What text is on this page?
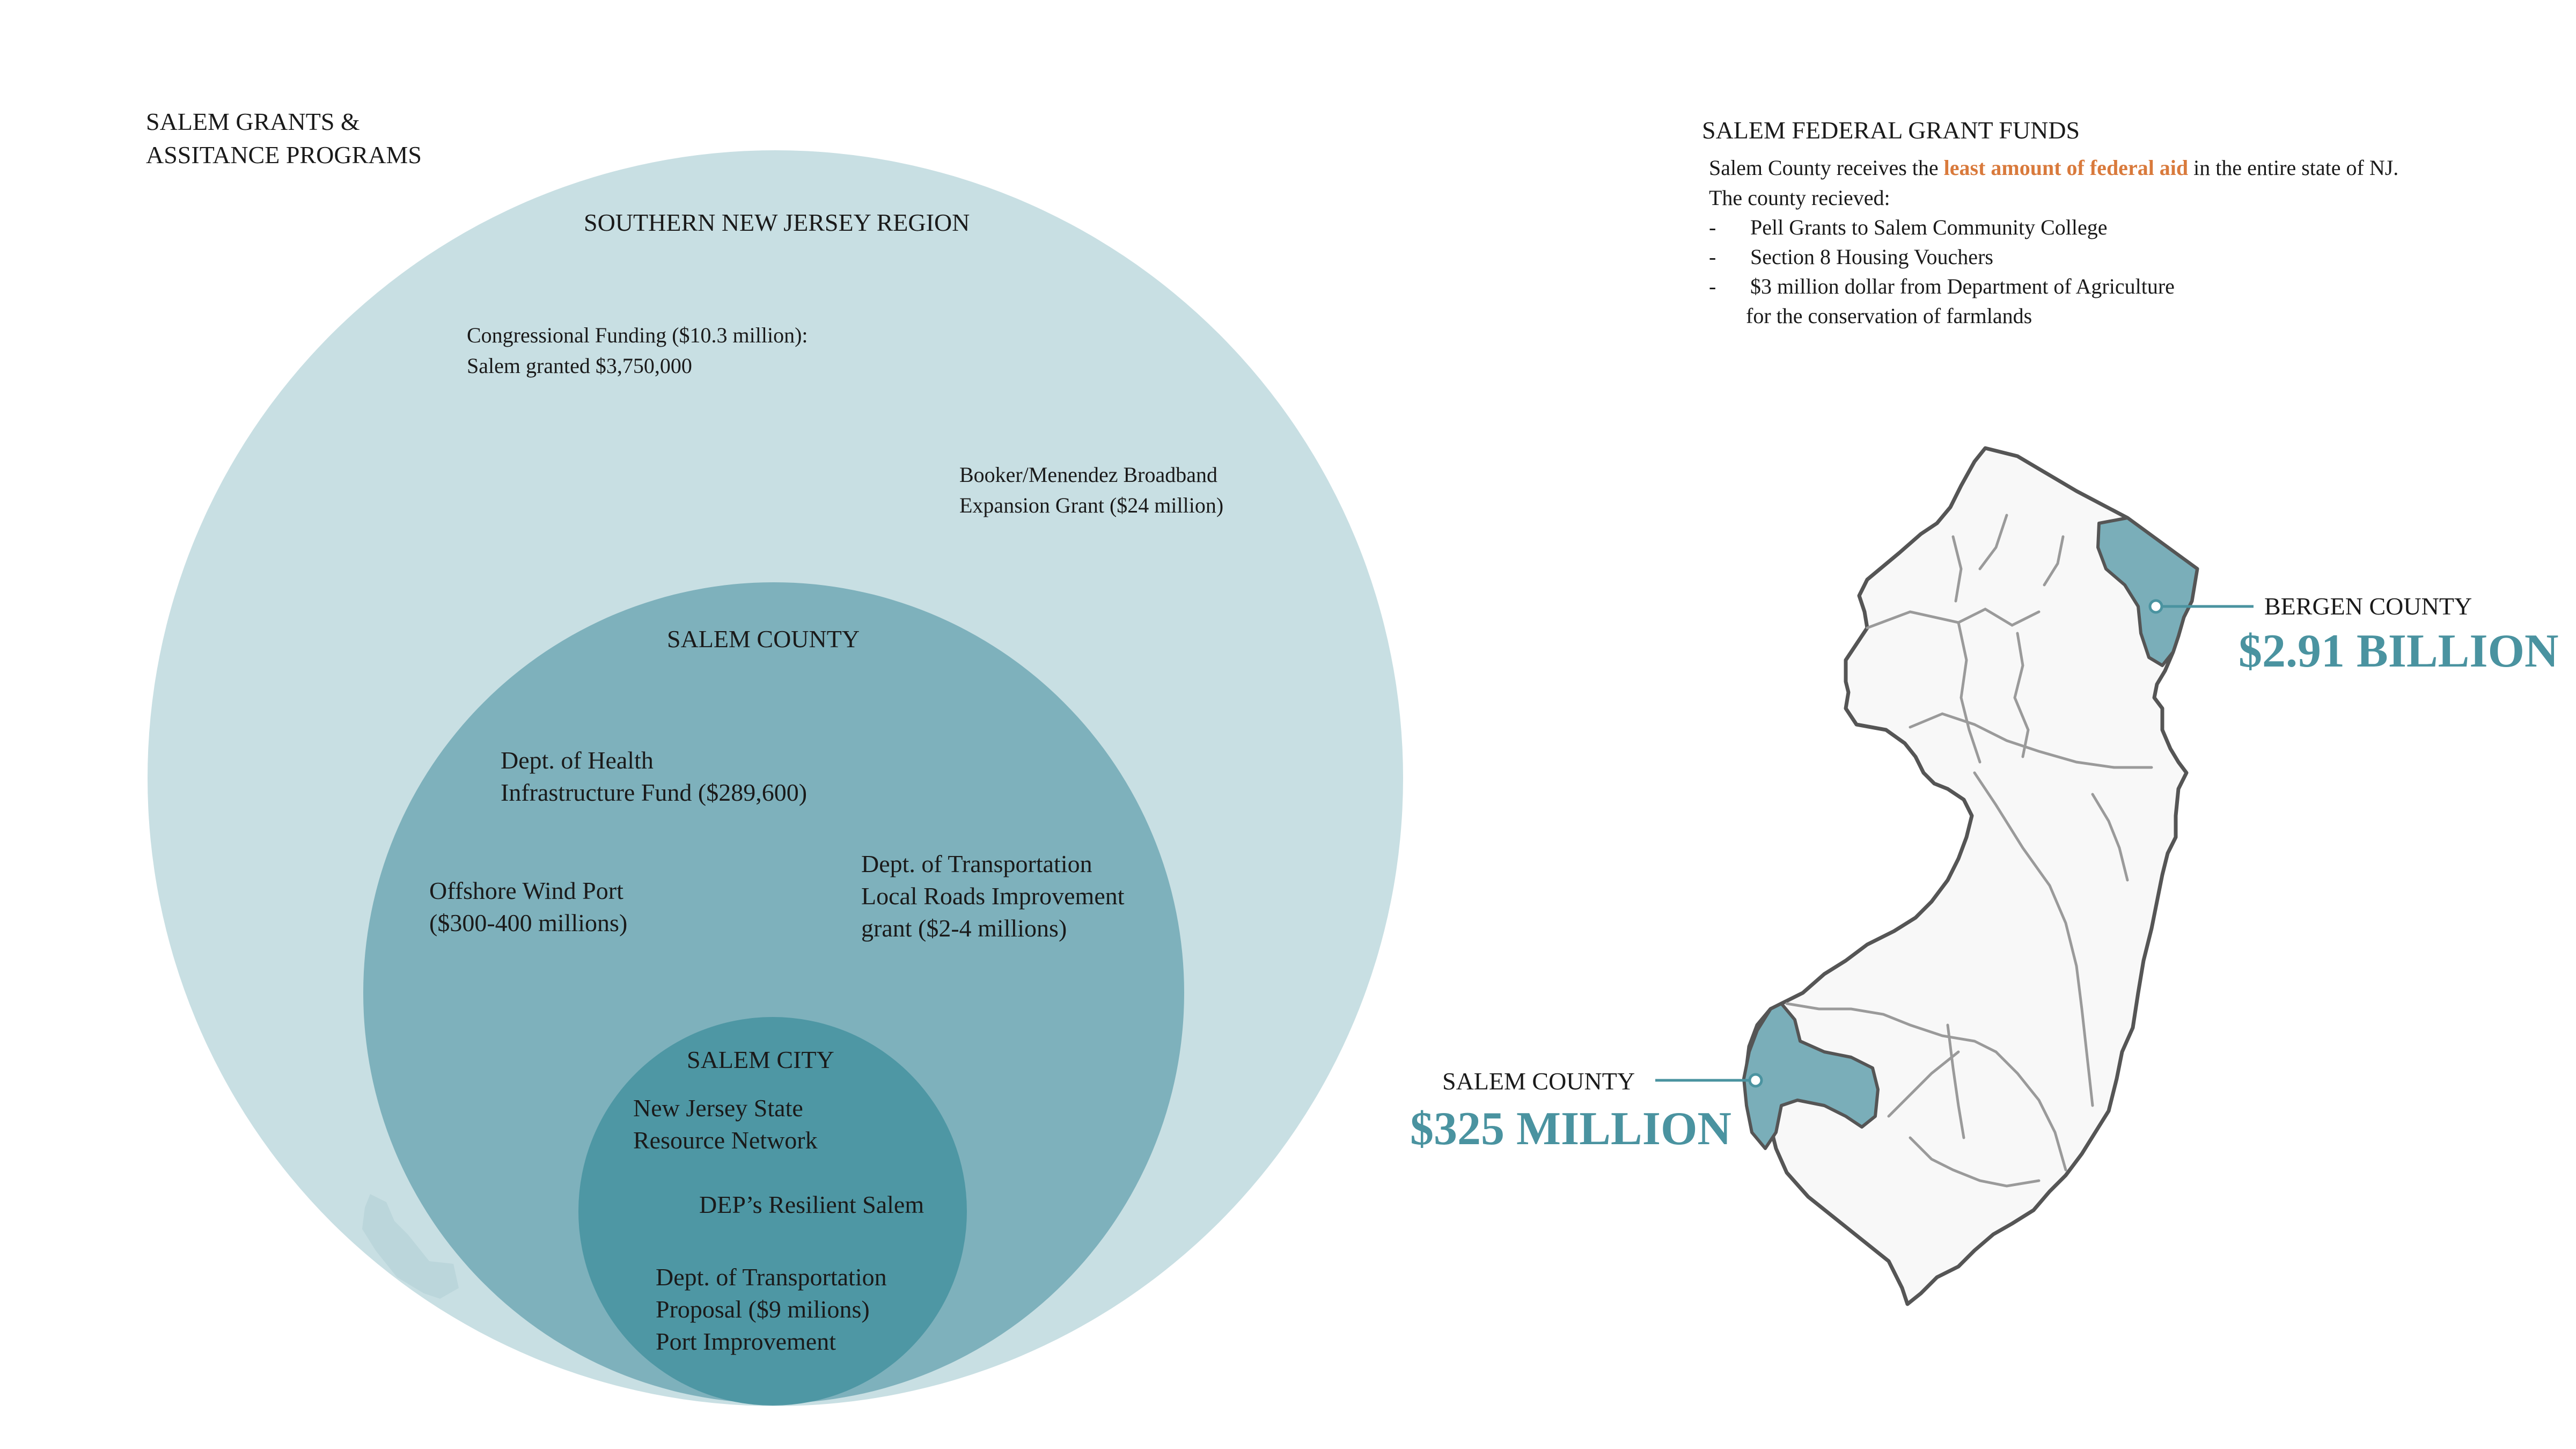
SALEM GRANTS &
ASSITANCE PROGRAMS
SOUTHERN NEW JERSEY REGION
Congressional Funding ($10.3 million):
Salem granted $3,750,000
Booker/Menendez Broadband
Expansion Grant ($24 million)
SALEM COUNTY
Dept. of Health
Infrastructure Fund ($289,600)
Offshore Wind Port
($300-400 millions)
Dept. of Transportation
Local Roads Improvement
grant ($2-4 millions)
SALEM CITY
New Jersey State
Resource Network
DEP’s Resilient Salem
Dept. of Transportation
Proposal ($9 milions)
Port Improvement
SALEM FEDERAL GRANT FUNDS
Salem County receives the least amount of federal aid in the entire state of NJ.
The county recieved:
- Pell Grants to Salem Community College
- Section 8 Housing Vouchers
- $3 million dollar from Department of Agriculture
for the conservation of farmlands
BERGEN COUNTY
$2.91 BILLION
SALEM COUNTY
$325 MILLION
